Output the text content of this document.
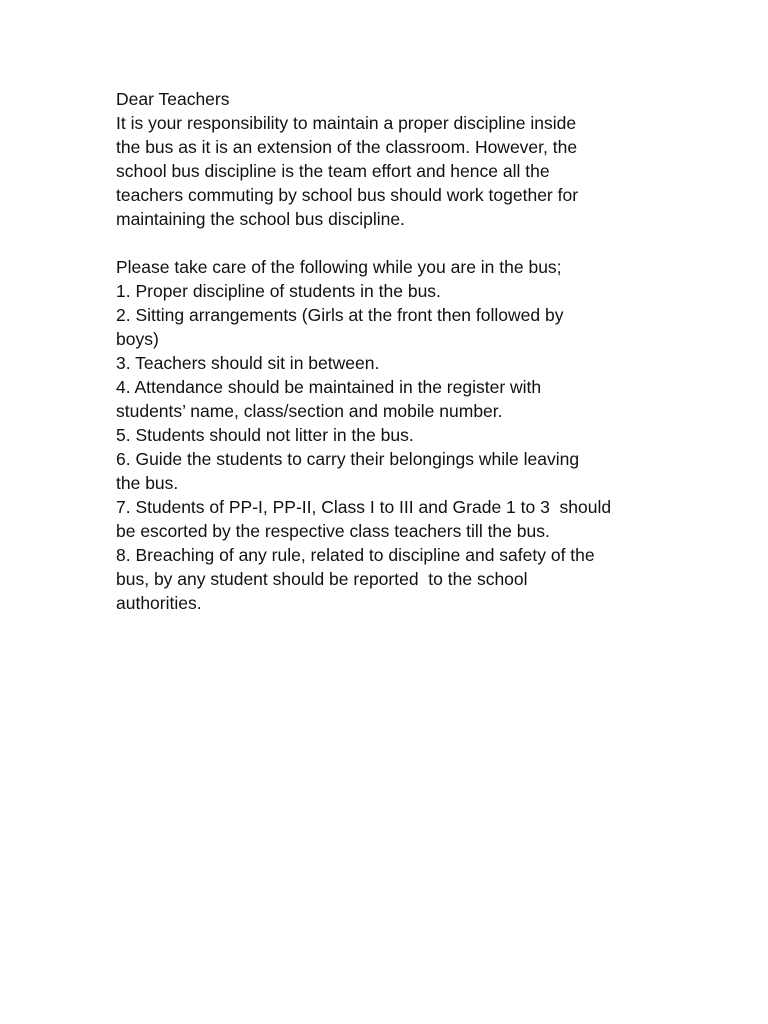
Dear Teachers
It is your responsibility to maintain a proper discipline inside
the bus as it is an extension of the classroom. However, the
school bus discipline is the team effort and hence all the
teachers commuting by school bus should work together for
maintaining the school bus discipline.
Please take care of the following while you are in the bus;
1. Proper discipline of students in the bus.
2. Sitting arrangements (Girls at the front then followed by
boys)
3. Teachers should sit in between.
4. Attendance should be maintained in the register with
students’ name, class/section and mobile number.
5. Students should not litter in the bus.
6. Guide the students to carry their belongings while leaving
the bus.
7. Students of PP-I, PP-II, Class I to III and Grade 1 to 3  should
be escorted by the respective class teachers till the bus.
8. Breaching of any rule, related to discipline and safety of the
bus, by any student should be reported  to the school
authorities.
